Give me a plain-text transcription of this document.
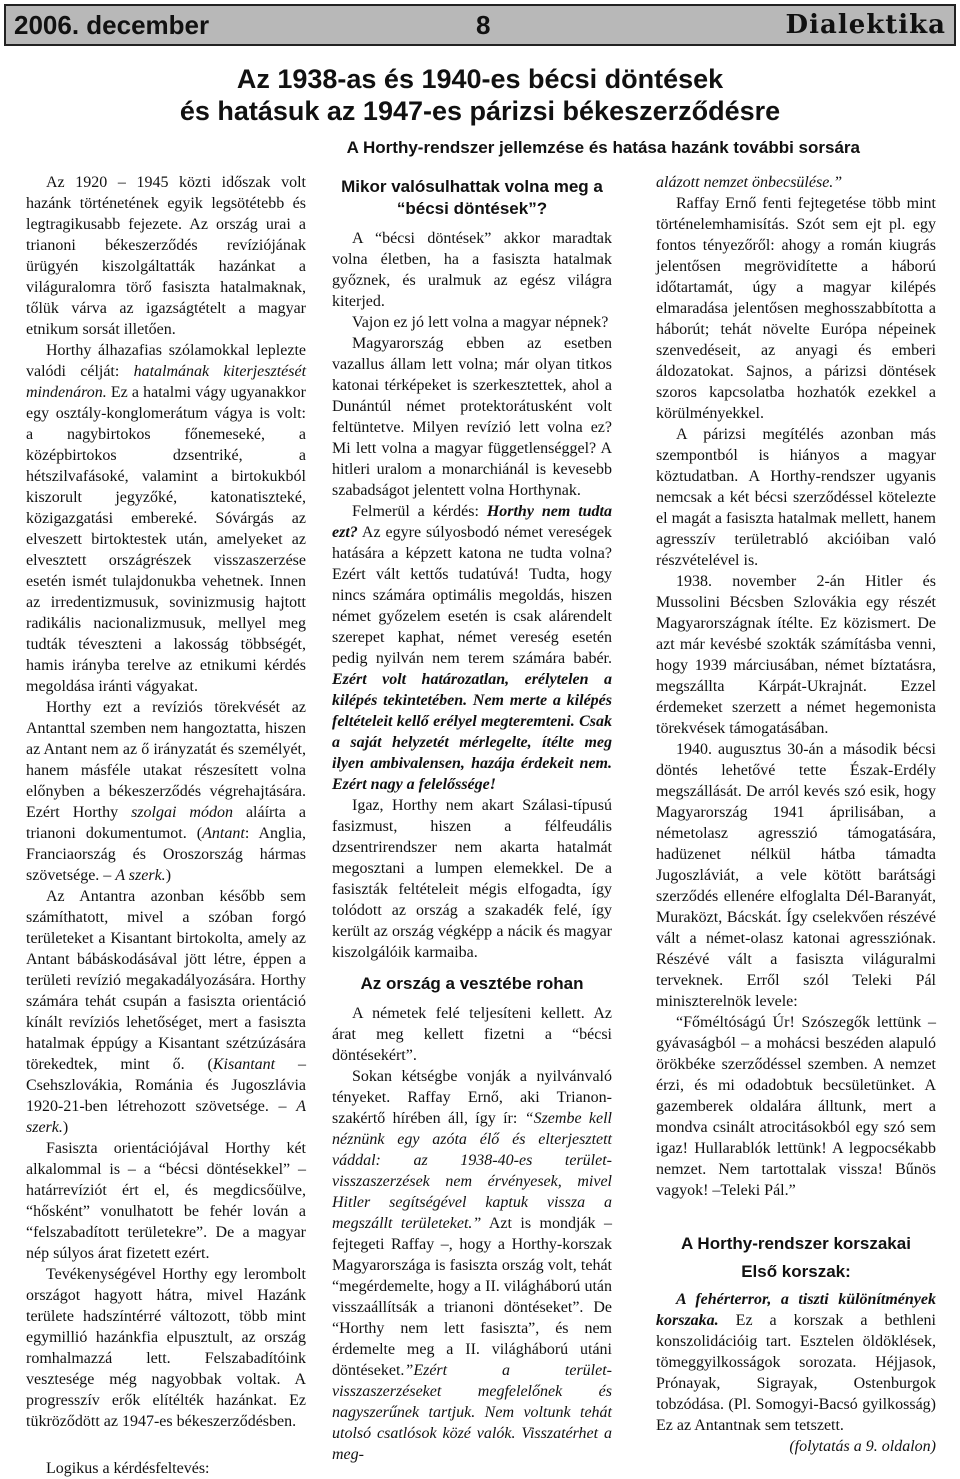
2006. december	8	Dialektika
Az 1938-as és 1940-es bécsi döntések
és hatásuk az 1947-es párizsi békeszerződésre
A Horthy-rendszer jellemzése és hatása hazánk további sorsára

Az 1920 – 1945 közti időszak volt hazánk történetének egyik legsötétebb és legtragikusabb fejezete. Az ország urai a trianoni békeszerződés revíziójának ürügyén kiszolgáltatták hazánkat a világuralomra törő fasiszta hatalmaknak, tőlük várva az igazságtételt a magyar etnikum sorsát illetően.

Horthy álhazafias szólamokkal leplezte valódi célját: hatalmának kiterjesztését mindenáron. Ez a hatalmi vágy ugyanakkor egy osztály-konglomerátum vágya is volt: a nagybirtokos főnemeseké, a középbirtokos dzsentriké, a hétszilvafásoké, valamint a birtokukból kiszorult jegyzőké, katonatiszteké, közigazgatási embereké. Sóvárgás az elveszett birtoktestek után, amelyeket az elvesztett országrészek visszaszerzése esetén ismét tulajdonukba vehetnek. Innen az irredentizmusuk, sovinizmusig hajtott radikális nacionalizmusuk, mellyel meg tudták téveszteni a lakosság többségét, hamis irányba terelve az etnikumi kérdés megoldása iránti vágyakat.

Horthy ezt a revíziós törekvését az Antanttal szemben nem hangoztatta, hiszen az Antant nem az ő irányzatát és személyét, hanem másféle utakat részesített volna előnyben a békeszerződés végrehajtására. Ezért Horthy szolgai módon aláírta a trianoni dokumentumot. (Antant: Anglia, Franciaország és Oroszország hármas szövetsége. – A szerk.)

Az Antantra azonban később sem számíthatott, mivel a szóban forgó területeket a Kisantant birtokolta, amely az Antant bábáskodásával jött létre, éppen a területi revízió megakadályozására. Horthy számára tehát csupán a fasiszta orientáció kínált revíziós lehetőséget, mert a fasiszta hatalmak éppúgy a Kisantant szétzúzására törekedtek, mint ő. (Kisantant – Csehszlovákia, Románia és Jugoszlávia 1920-21-ben létrehozott szövetsége. – A szerk.)

Fasiszta orientációjával Horthy két alkalommal is – a “bécsi döntésekkel” – határrevíziót ért el, és megdicsőülve, “hősként” vonulhatott be fehér lován a “felszabadított területekre”. De a magyar nép súlyos árat fizetett ezért.

Tevékenységével Horthy egy lerombolt országot hagyott hátra, mivel Hazánk területe hadszíntérré változott, több mint egymillió hazánkfia elpusztult, az ország romhalmazzá lett. Felszabadítóink vesztesége még nagyobbak voltak. A progresszív erők elítélték hazánkat. Ez tükröződött az 1947-es békeszerződésben.

Logikus a kérdésfeltevés:

Mikor valósulhattak volna meg a “bécsi döntések”?

A “bécsi döntések” akkor maradtak volna életben, ha a fasiszta hatalmak győznek, és uralmuk az egész világra kiterjed.

Vajon ez jó lett volna a magyar népnek?

Magyarország ebben az esetben vazallus állam lett volna; már olyan titkos katonai térképeket is szerkesztettek, ahol a Dunántúl német protektorátusként volt feltüntetve. Milyen revízió lett volna ez? Mi lett volna a magyar függetlenséggel? A hitleri uralom a monarchiánál is kevesebb szabadságot jelentett volna Horthynak.

Felmerül a kérdés: Horthy nem tudta ezt? Az egyre súlyosbodó német vereségek hatására a képzett katona ne tudta volna? Ezért vált kettős tudatúvá! Tudta, hogy nincs számára optimális megoldás, hiszen német győzelem esetén is csak alárendelt szerepet kaphat, német vereség esetén pedig nyilván nem terem számára babér. Ezért volt határozatlan, erélytelen a kilépés tekintetében. Nem merte a kilépés feltételeit kellő erélyel megteremteni. Csak a saját helyzetét mérlegelte, ítélte meg ilyen ambivalensen, hazája érdekeit nem. Ezért nagy a felelőssége!

Igaz, Horthy nem akart Szálasi-típusú fasizmust, hiszen a félfeudális dzsentrirendszer nem akarta hatalmát megosztani a lumpen elemekkel. De a fasiszták feltételeit mégis elfogadta, így tolódott az ország a szakadék felé, így került az ország végképp a nácik és magyar kiszolgálóik karmaiba.

Az ország a vesztébe rohan

A németek felé teljesíteni kellett. Az árat meg kellett fizetni a “bécsi döntésekért”.

Sokan kétségbe vonják a nyilvánvaló tényeket. Raffay Ernő, aki Trianon-szakértő hírében áll, így ír: “Szembe kell néznünk egy azóta élő és elterjesztett váddal: az 1938-40-es terület-visszaszerzések nem érvényesek, mivel Hitler segítségével kaptuk vissza a megszállt területeket.” Azt is mondják – fejtegeti Raffay –, hogy a Horthy-korszak Magyarországa is fasiszta ország volt, tehát “megérdemelte, hogy a II. világháború után visszaállítsák a trianoni döntéseket”. De “Horthy nem lett fasiszta”, és nem érdemelte meg a II. világháború utáni döntéseket.”Ezért a terület-visszaszerzéseket megfelelőnek és nagyszerűnek tartjuk. Nem voltunk tehát utolsó csatlósok közé valók. Visszatérhet a meg-

alázott nemzet önbecsülése.”

Raffay Ernő fenti fejtegetése több mint történelemhamisítás. Szót sem ejt pl. egy fontos tényezőről: ahogy a román kiugrás jelentősen megrövidítette a háború időtartamát, úgy a magyar kilépés elmaradása jelentősen meghosszabbította a háborút; tehát növelte Európa népeinek szenvedéseit, az anyagi és emberi áldozatokat. Sajnos, a párizsi döntések szoros kapcsolatba hozhatók ezekkel a körülményekkel.

A párizsi megítélés azonban más szempontból is hiányos a magyar köztudatban. A Horthy-rendszer ugyanis nemcsak a két bécsi szerződéssel kötelezte el magát a fasiszta hatalmak mellett, hanem agresszív területrabló akcióiban való részvételével is.

1938. november 2-án Hitler és Mussolini Bécsben Szlovákia egy részét Magyarországnak ítélte. Ez közismert. De azt már kevésbé szokták számításba venni, hogy 1939 márciusában, német bíztatásra, megszállta Kárpát-Ukrajnát. Ezzel érdemeket szerzett a német hegemonista törekvések támogatásában.

1940. augusztus 30-án a második bécsi döntés lehetővé tette Észak-Erdély megszállását. De arról kevés szó esik, hogy Magyarország 1941 áprilisában, a németolasz agresszió támogatására, hadüzenet nélkül hátba támadta Jugoszláviát, a vele kötött barátsági szerződés ellenére elfoglalta Dél-Baranyát, Muraközt, Bácskát. Így cselekvően részévé vált a német-olasz katonai agressziónak. Részévé vált a fasiszta világuralmi terveknek. Erről szól Teleki Pál miniszterelnök levele:

“Főméltóságú Úr! Szószegők lettünk – gyávaságból – a mohácsi beszéden alapuló örökbéke szerződéssel szemben. A nemzet érzi, és mi odadobtuk becsületünket. A gazemberek oldalára álltunk, mert a mondva csinált atrocitásokból egy szó sem igaz! Hullarablók lettünk! A legpocsékabb nemzet. Nem tartottalak vissza! Bűnös vagyok! –Teleki Pál.”

A Horthy-rendszer korszakai
Első korszak:

A fehérterror, a tiszti különítmények korszaka. Ez a korszak a bethleni konszolidációig tart. Esztelen öldöklések, tömeggyilkosságok sorozata. Héjjasok, Prónayak, Sigrayak, Ostenburgok tobzódása. (Pl. Somogyi-Bacsó gyilkosság) Ez az Antantnak sem tetszett.

(folytatás a 9. oldalon)
